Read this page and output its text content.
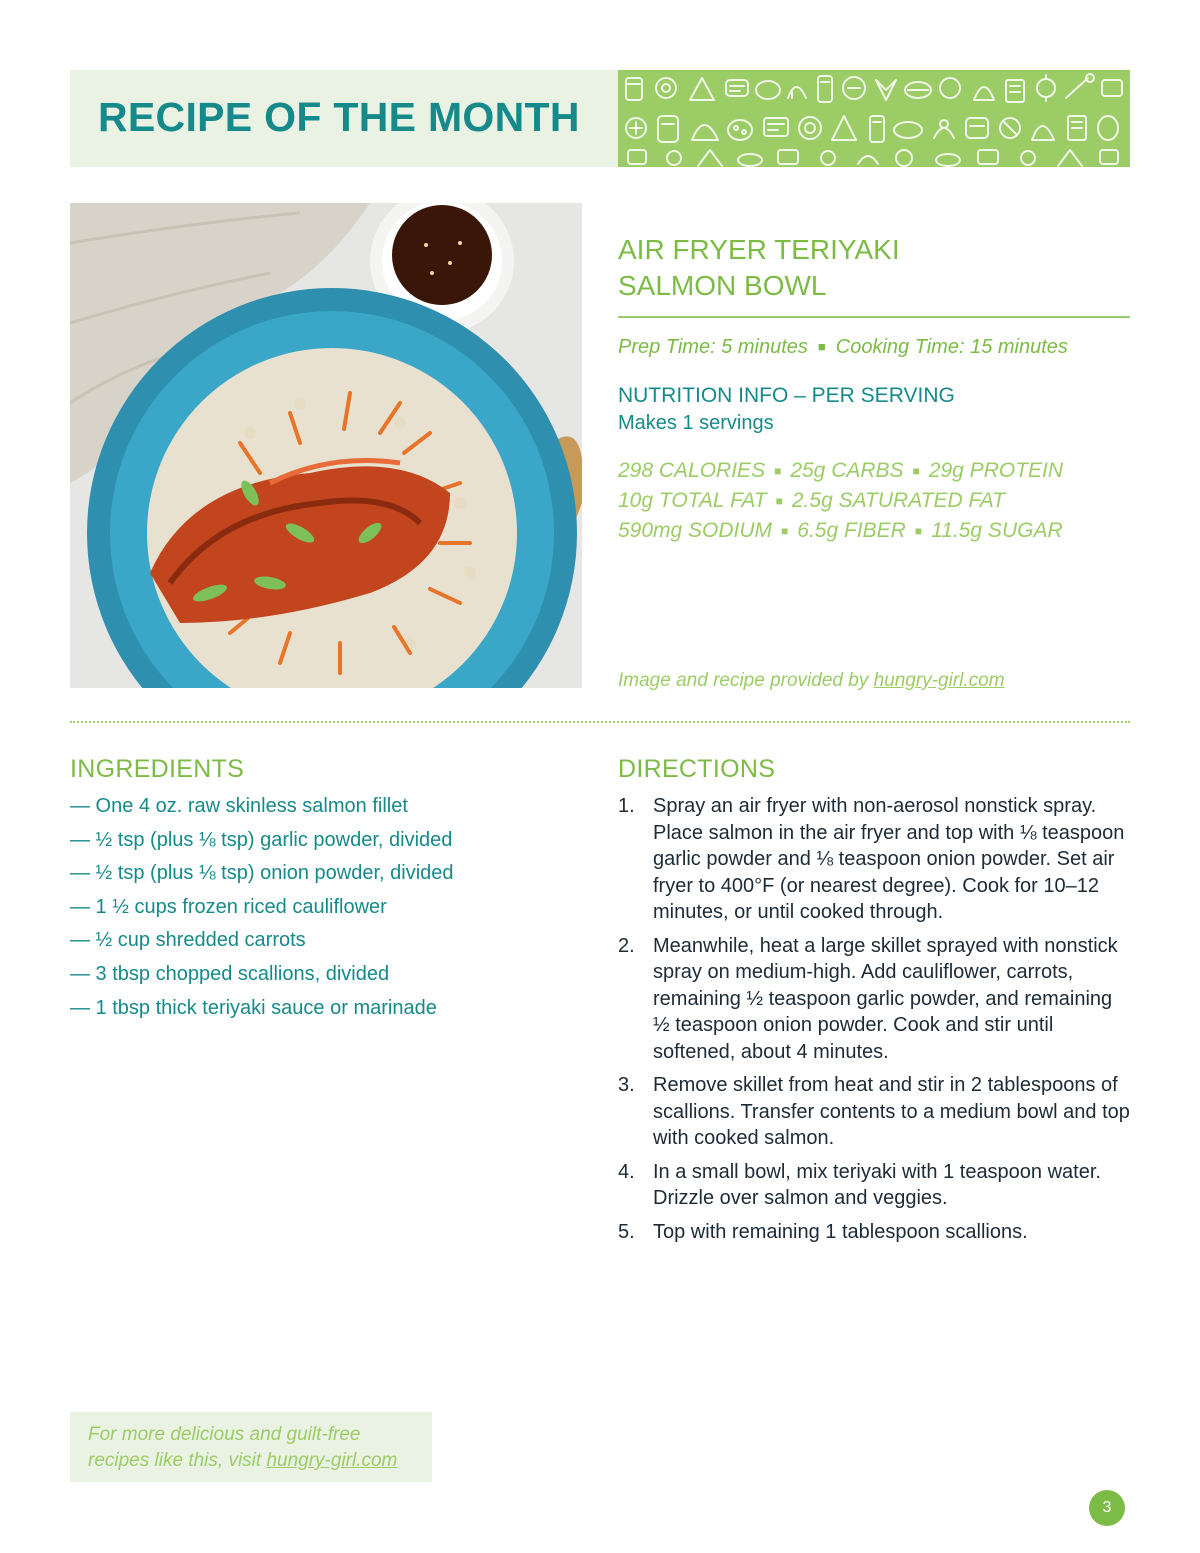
RECIPE OF THE MONTH
AIR FRYER TERIYAKI
SALMON BOWL
Prep Time: 5 minutes ■ Cooking Time: 15 minutes
NUTRITION INFO – PER SERVING
Makes 1 servings
298 CALORIES ■ 25g CARBS ■ 29g PROTEIN
10g TOTAL FAT ■ 2.5g SATURATED FAT
590mg SODIUM ■ 6.5g FIBER ■ 11.5g SUGAR
Image and recipe provided by hungry-girl.com
INGREDIENTS
— One 4 oz. raw skinless salmon fillet
— ½ tsp (plus ⅛ tsp) garlic powder, divided
— ½ tsp (plus ⅛ tsp) onion powder, divided
— 1 ½ cups frozen riced cauliflower
— ½ cup shredded carrots
— 3 tbsp chopped scallions, divided
— 1 tbsp thick teriyaki sauce or marinade
DIRECTIONS
1. Spray an air fryer with non-aerosol nonstick spray. Place salmon in the air fryer and top with ⅛ teaspoon garlic powder and ⅛ teaspoon onion powder. Set air fryer to 400°F (or nearest degree). Cook for 10–12 minutes, or until cooked through.
2. Meanwhile, heat a large skillet sprayed with nonstick spray on medium-high. Add cauliflower, carrots, remaining ½ teaspoon garlic powder, and remaining ½ teaspoon onion powder. Cook and stir until softened, about 4 minutes.
3. Remove skillet from heat and stir in 2 tablespoons of scallions. Transfer contents to a medium bowl and top with cooked salmon.
4. In a small bowl, mix teriyaki with 1 teaspoon water. Drizzle over salmon and veggies.
5. Top with remaining 1 tablespoon scallions.
For more delicious and guilt-free
recipes like this, visit hungry-girl.com
3
